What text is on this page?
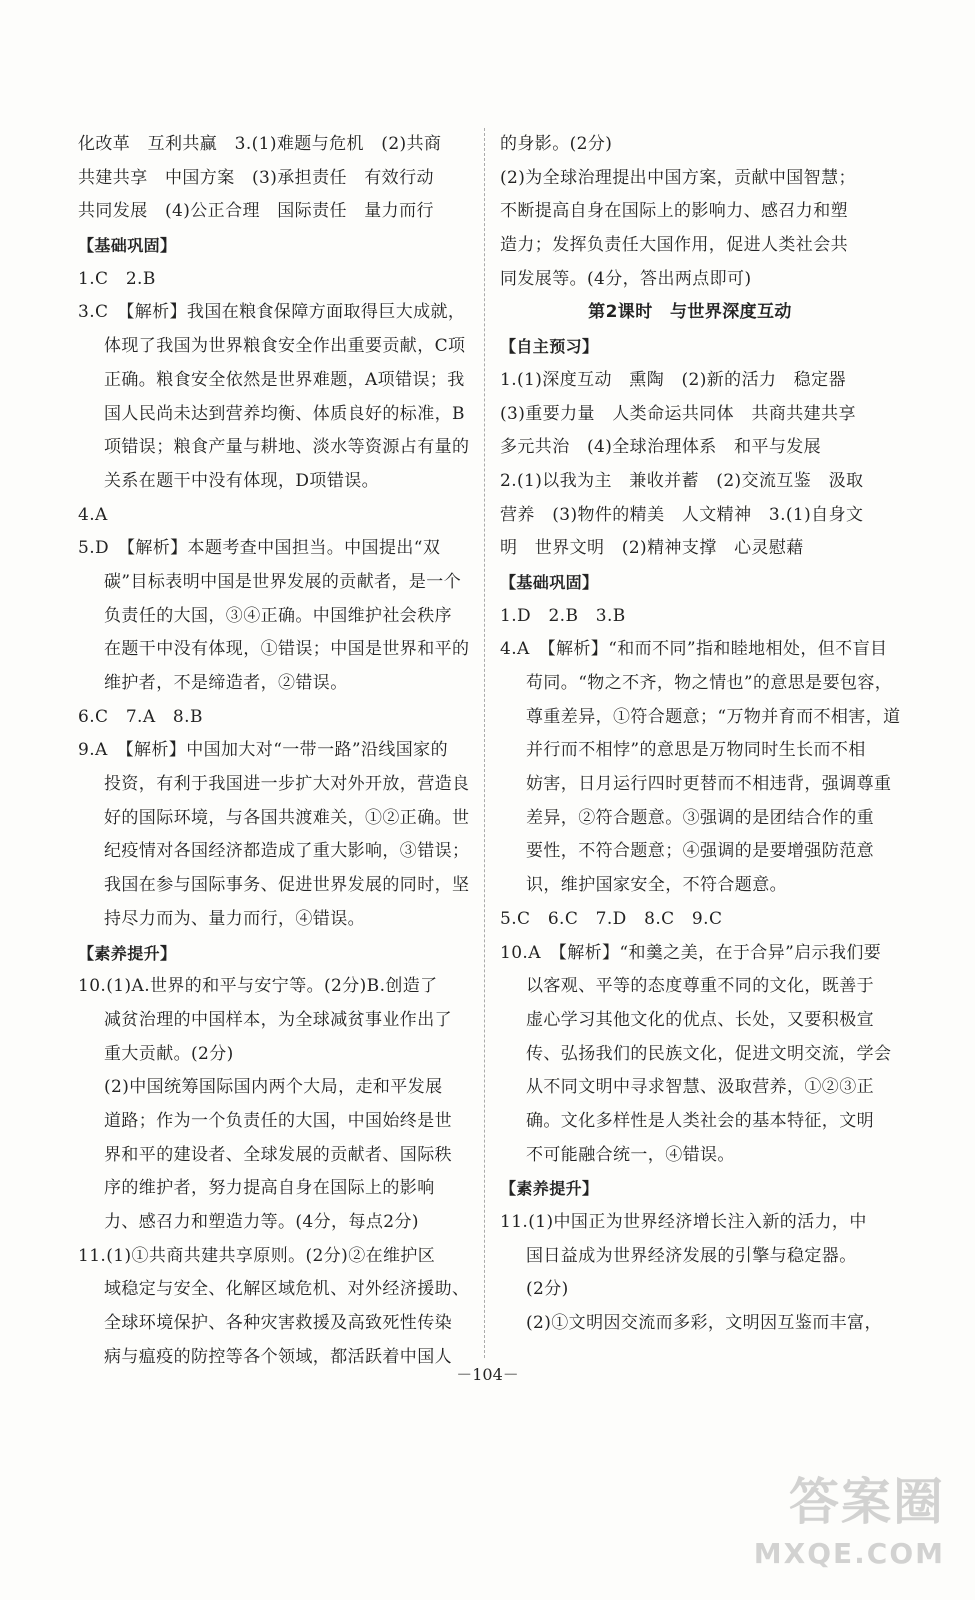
化改革　互利共赢　3.(1)难题与危机　(2)共商
共建共享　中国方案　(3)承担责任　有效行动
共同发展　(4)公正合理　国际责任　量力而行
【基础巩固】
1.C　2.B
3.C　【解析】我国在粮食保障方面取得巨大成就，
体现了我国为世界粮食安全作出重要贡献，C项
正确。粮食安全依然是世界难题，A项错误；我
国人民尚未达到营养均衡、体质良好的标准，B
项错误；粮食产量与耕地、淡水等资源占有量的
关系在题干中没有体现，D项错误。
4.A
5.D　【解析】本题考查中国担当。中国提出“双
碳”目标表明中国是世界发展的贡献者，是一个
负责任的大国，③④正确。中国维护社会秩序
在题干中没有体现，①错误；中国是世界和平的
维护者，不是缔造者，②错误。
6.C　7.A　8.B
9.A　【解析】中国加大对“一带一路”沿线国家的
投资，有利于我国进一步扩大对外开放，营造良
好的国际环境，与各国共渡难关，①②正确。世
纪疫情对各国经济都造成了重大影响，③错误；
我国在参与国际事务、促进世界发展的同时，坚
持尽力而为、量力而行，④错误。
【素养提升】
10.(1)A.世界的和平与安宁等。(2分)B.创造了
减贫治理的中国样本，为全球减贫事业作出了
重大贡献。(2分)
(2)中国统筹国际国内两个大局，走和平发展
道路；作为一个负责任的大国，中国始终是世
界和平的建设者、全球发展的贡献者、国际秩
序的维护者，努力提高自身在国际上的影响
力、感召力和塑造力等。(4分，每点2分)
11.(1)①共商共建共享原则。(2分)②在维护区
域稳定与安全、化解区域危机、对外经济援助、
全球环境保护、各种灾害救援及高致死性传染
病与瘟疫的防控等各个领域，都活跃着中国人
的身影。(2分)
(2)为全球治理提出中国方案，贡献中国智慧；
不断提高自身在国际上的影响力、感召力和塑
造力；发挥负责任大国作用，促进人类社会共
同发展等。(4分，答出两点即可)
第2课时　与世界深度互动
【自主预习】
1.(1)深度互动　熏陶　(2)新的活力　稳定器
(3)重要力量　人类命运共同体　共商共建共享
多元共治　(4)全球治理体系　和平与发展
2.(1)以我为主　兼收并蓄　(2)交流互鉴　汲取
营养　(3)物件的精美　人文精神　3.(1)自身文
明　世界文明　(2)精神支撑　心灵慰藉
【基础巩固】
1.D　2.B　3.B
4.A　【解析】“和而不同”指和睦地相处，但不盲目
苟同。“物之不齐，物之情也”的意思是要包容，
尊重差异，①符合题意；“万物并育而不相害，道
并行而不相悖”的意思是万物同时生长而不相
妨害，日月运行四时更替而不相违背，强调尊重
差异，②符合题意。③强调的是团结合作的重
要性，不符合题意；④强调的是要增强防范意
识，维护国家安全，不符合题意。
5.C　6.C　7.D　8.C　9.C
10.A　【解析】“和羹之美，在于合异”启示我们要
以客观、平等的态度尊重不同的文化，既善于
虚心学习其他文化的优点、长处，又要积极宣
传、弘扬我们的民族文化，促进文明交流，学会
从不同文明中寻求智慧、汲取营养，①②③正
确。文化多样性是人类社会的基本特征，文明
不可能融合统一，④错误。
【素养提升】
11.(1)中国正为世界经济增长注入新的活力，中
国日益成为世界经济发展的引擎与稳定器。
(2分)
(2)①文明因交流而多彩，文明因互鉴而丰富，
－104－
答案圈
MXQE.COM
